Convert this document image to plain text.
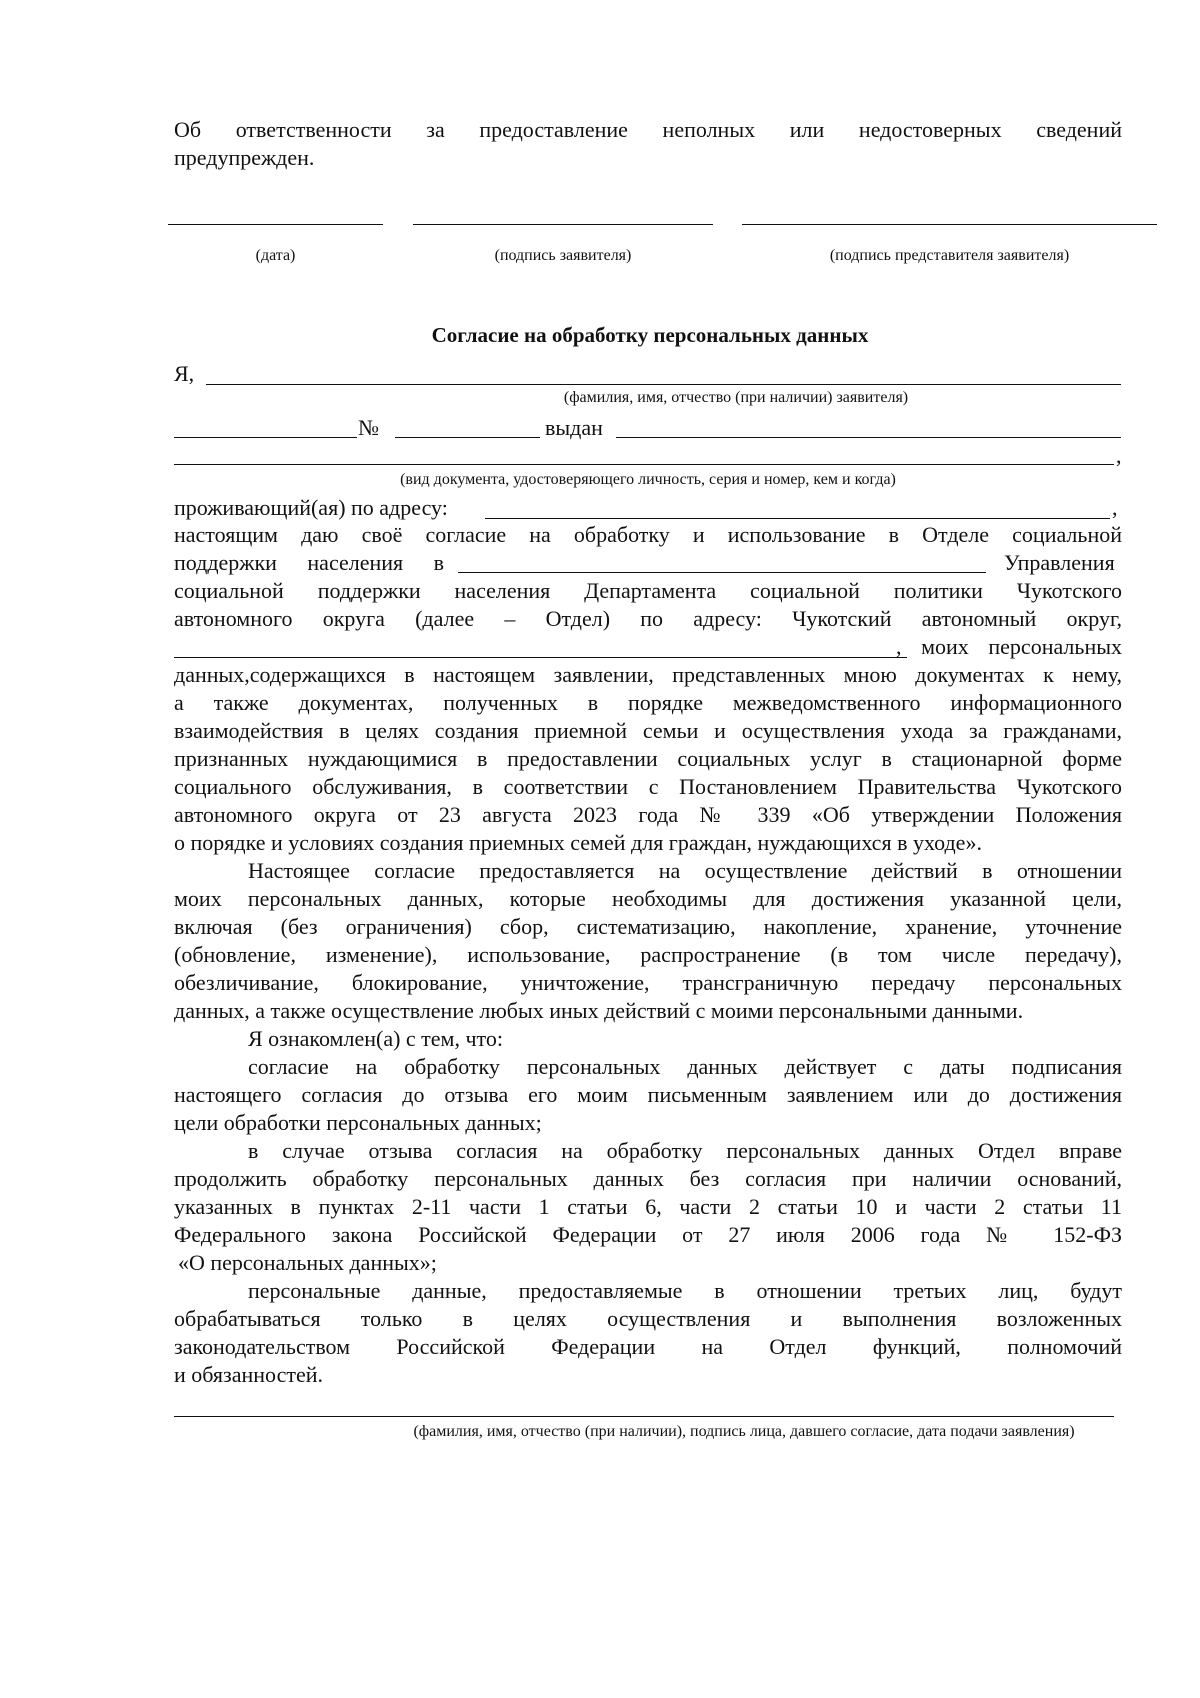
Об ответственности за предоставление неполных или недостоверных сведений
предупрежден.
(дата)	(подпись заявителя)	(подпись представителя заявителя)
Согласие на обработку персональных данных
Я,
(фамилия, имя, отчество (при наличии) заявителя)
№	выдан
,
(вид документа, удостоверяющего личность, серия и номер, кем и когда)
проживающий(ая) по адресу:	,
настоящим даю своё согласие на обработку и использование в Отделе социальной
поддержки населения в	Управления
социальной поддержки населения Департамента социальной политики Чукотского
автономного округа (далее – Отдел) по адресу: Чукотский автономный округ,
, моих персональных
данных,содержащихся в настоящем заявлении, представленных мною документах к нему,
а также документах, полученных в порядке межведомственного информационного
взаимодействия в целях создания приемной семьи и осуществления ухода за гражданами,
признанных нуждающимися в предоставлении социальных услуг в стационарной форме
социального обслуживания, в соответствии с Постановлением Правительства Чукотского
автономного округа от 23 августа 2023 года № 339 «Об утверждении Положения
о порядке и условиях создания приемных семей для граждан, нуждающихся в уходе».
Настоящее согласие предоставляется на осуществление действий в отношении
моих персональных данных, которые необходимы для достижения указанной цели,
включая (без ограничения) сбор, систематизацию, накопление, хранение, уточнение
(обновление, изменение), использование, распространение (в том числе передачу),
обезличивание, блокирование, уничтожение, трансграничную передачу персональных
данных, а также осуществление любых иных действий с моими персональными данными.
Я ознакомлен(а) с тем, что:
согласие на обработку персональных данных действует с даты подписания
настоящего согласия до отзыва его моим письменным заявлением или до достижения
цели обработки персональных данных;
в случае отзыва согласия на обработку персональных данных Отдел вправе
продолжить обработку персональных данных без согласия при наличии оснований,
указанных в пунктах 2-11 части 1 статьи 6, части 2 статьи 10 и части 2 статьи 11
Федерального закона Российской Федерации от 27 июля 2006 года № 152-ФЗ
«О персональных данных»;
персональные данные, предоставляемые в отношении третьих лиц, будут
обрабатываться только в целях осуществления и выполнения возложенных
законодательством Российской Федерации на Отдел функций, полномочий
и обязанностей.
(фамилия, имя, отчество (при наличии), подпись лица, давшего согласие, дата подачи заявления)
